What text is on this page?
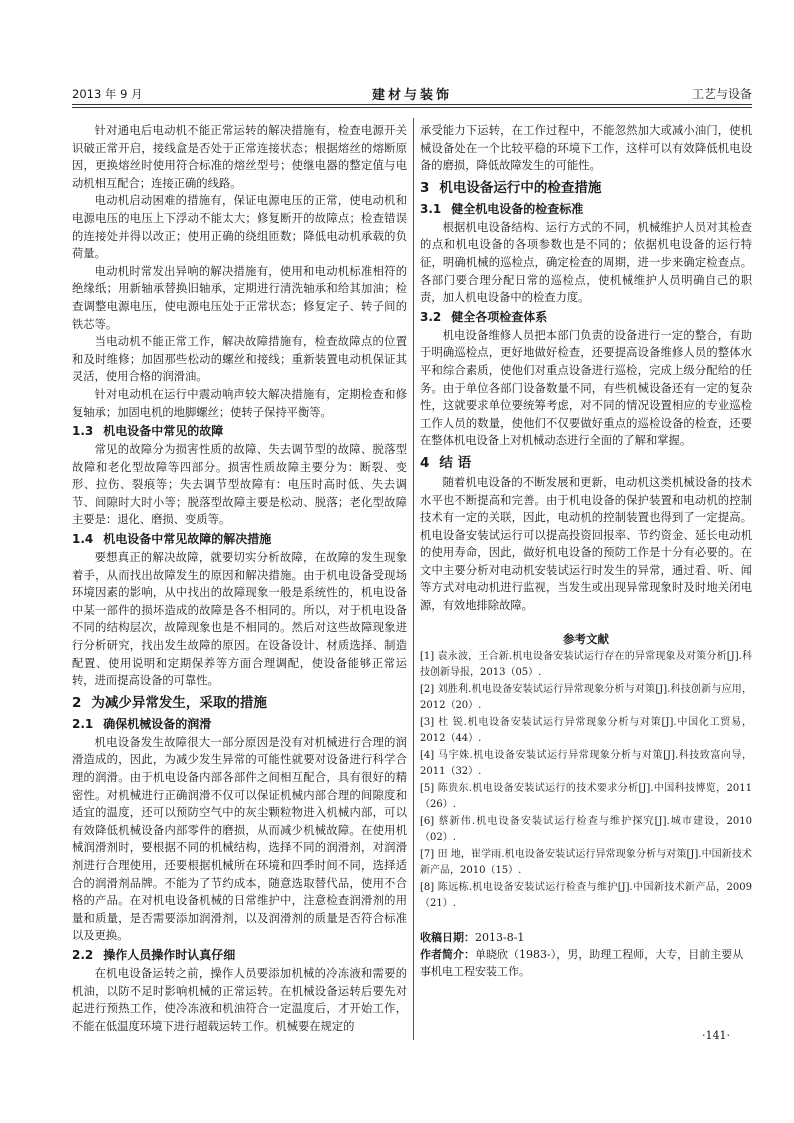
2013 年 9 月	建材与装饰	工艺与设备

针对通电后电动机不能正常运转的解决措施有，检查电源开关识破正常开启，接线盒是否处于正常连接状态；根据熔丝的熔断原因，更换熔丝时使用符合标准的熔丝型号；使继电器的整定值与电动机相互配合；连接正确的线路。

电动机启动困难的措施有，保证电源电压的正常，使电动机和电源电压的电压上下浮动不能太大；修复断开的故障点；检查错误的连接处并得以改正；使用正确的绕组匝数；降低电动机承载的负荷量。

电动机时常发出异响的解决措施有，使用和电动机标准相符的绝缘纸；用新轴承替换旧轴承，定期进行清洗轴承和给其加油；检查调整电源电压，使电源电压处于正常状态；修复定子、转子间的铁芯等。

当电动机不能正常工作，解决故障措施有，检查故障点的位置和及时维修；加固那些松动的螺丝和接线；重新装置电动机保证其灵活，使用合格的润滑油。

针对电动机在运行中震动响声较大解决措施有，定期检查和修复轴承；加固电机的地脚螺丝；使转子保持平衡等。

1.3 机电设备中常见的故障

常见的故障分为损害性质的故障、失去调节型的故障、脱落型故障和老化型故障等四部分。损害性质故障主要分为：断裂、变形、拉伤、裂痕等；失去调节型故障有：电压时高时低、失去调节、间隙时大时小等；脱落型故障主要是松动、脱落；老化型故障主要是：退化、磨损、变质等。

1.4 机电设备中常见故障的解决措施

要想真正的解决故障，就要切实分析故障，在故障的发生现象着手，从而找出故障发生的原因和解决措施。由于机电设备受现场环境因素的影响，从中找出的故障现象一般是系统性的，机电设备中某一部件的损坏造成的故障是各不相同的。所以，对于机电设备不同的结构层次，故障现象也是不相同的。然后对这些故障现象进行分析研究，找出发生故障的原因。在设备设计、材质选择、制造配置、使用说明和定期保养等方面合理调配，使设备能够正常运转，进而提高设备的可靠性。

2 为减少异常发生，采取的措施
2.1 确保机械设备的润滑

机电设备发生故障很大一部分原因是没有对机械进行合理的润滑造成的，因此，为减少发生异常的可能性就要对设备进行科学合理的润滑。由于机电设备内部各部件之间相互配合，具有很好的精密性。对机械进行正确润滑不仅可以保证机械内部合理的间隙度和适宜的温度，还可以预防空气中的灰尘颗粒物进入机械内部，可以有效降低机械设备内部零件的磨损，从而减少机械故障。在使用机械润滑剂时，要根据不同的机械结构，选择不同的润滑剂，对润滑剂进行合理使用，还要根据机械所在环境和四季时间不同，选择适合的润滑剂品牌。不能为了节约成本，随意选取替代品，使用不合格的产品。在对机电设备机械的日常维护中，注意检查润滑剂的用量和质量，是否需要添加润滑剂，以及润滑剂的质量是否符合标准以及更换。

2.2 操作人员操作时认真仔细

在机电设备运转之前，操作人员要添加机械的冷冻液和需要的机油，以防不足时影响机械的正常运转。在机械设备运转后要先对起进行预热工作，使冷冻液和机油符合一定温度后，才开始工作，不能在低温度环境下进行超载运转工作。机械要在规定的

承受能力下运转，在工作过程中，不能忽然加大或减小油门，使机械设备处在一个比较平稳的环境下工作，这样可以有效降低机电设备的磨损，降低故障发生的可能性。

3 机电设备运行中的检查措施
3.1 健全机电设备的检查标准

根据机电设备结构、运行方式的不同，机械维护人员对其检查的点和机电设备的各项参数也是不同的；依据机电设备的运行特征，明确机械的巡检点，确定检查的周期，进一步来确定检查点。各部门要合理分配日常的巡检点，使机械维护人员明确自己的职责，加人机电设备中的检查力度。

3.2 健全各项检查体系

机电设备维修人员把本部门负责的设备进行一定的整合，有助于明确巡检点，更好地做好检查，还要提高设备维修人员的整体水平和综合素质，使他们对重点设备进行巡检，完成上级分配给的任务。由于单位各部门设备数量不同，有些机械设备还有一定的复杂性，这就要求单位要统筹考虑，对不同的情况设置相应的专业巡检工作人员的数量，使他们不仅要做好重点的巡检设备的检查，还要在整体机电设备上对机械动态进行全面的了解和掌握。

4 结 语

随着机电设备的不断发展和更新，电动机这类机械设备的技术水平也不断提高和完善。由于机电设备的保护装置和电动机的控制技术有一定的关联，因此，电动机的控制装置也得到了一定提高。机电设备安装试运行可以提高投资回报率、节约资金、延长电动机的使用寿命，因此，做好机电设备的预防工作是十分有必要的。在文中主要分析对电动机安装试运行时发生的异常，通过看、听、闻等方式对电动机进行监视，当发生或出现异常现象时及时地关闭电源，有效地排除故障。

参考文献
[1] 袁永波，王合新.机电设备安装试运行存在的异常现象及对策分析[J].科技创新导报，2013（05）.
[2] 刘胜利.机电设备安装试运行异常现象分析与对策[J].科技创新与应用，2012（20）.
[3] 杜 锐.机电设备安装试运行异常现象分析与对策[J].中国化工贸易，2012（44）.
[4] 马宇姝.机电设备安装试运行异常现象分析与对策[J].科技致富向导，2011（32）.
[5] 陈贵东.机电设备安装试运行的技术要求分析[J].中国科技博览，2011（26）.
[6] 蔡新伟.机电设备安装试运行检查与维护探究[J].城市建设，2010（02）.
[7] 田 地，崔学雨.机电设备安装试运行异常现象分析与对策[J].中国新技术新产品，2010（15）.
[8] 陈远栋.机电设备安装试运行检查与维护[J].中国新技术新产品，2009（21）.
收稿日期：2013-8-1
作者简介：单晓欣（1983-），男，助理工程师，大专，目前主要从事机电工程安装工作。
·141·
